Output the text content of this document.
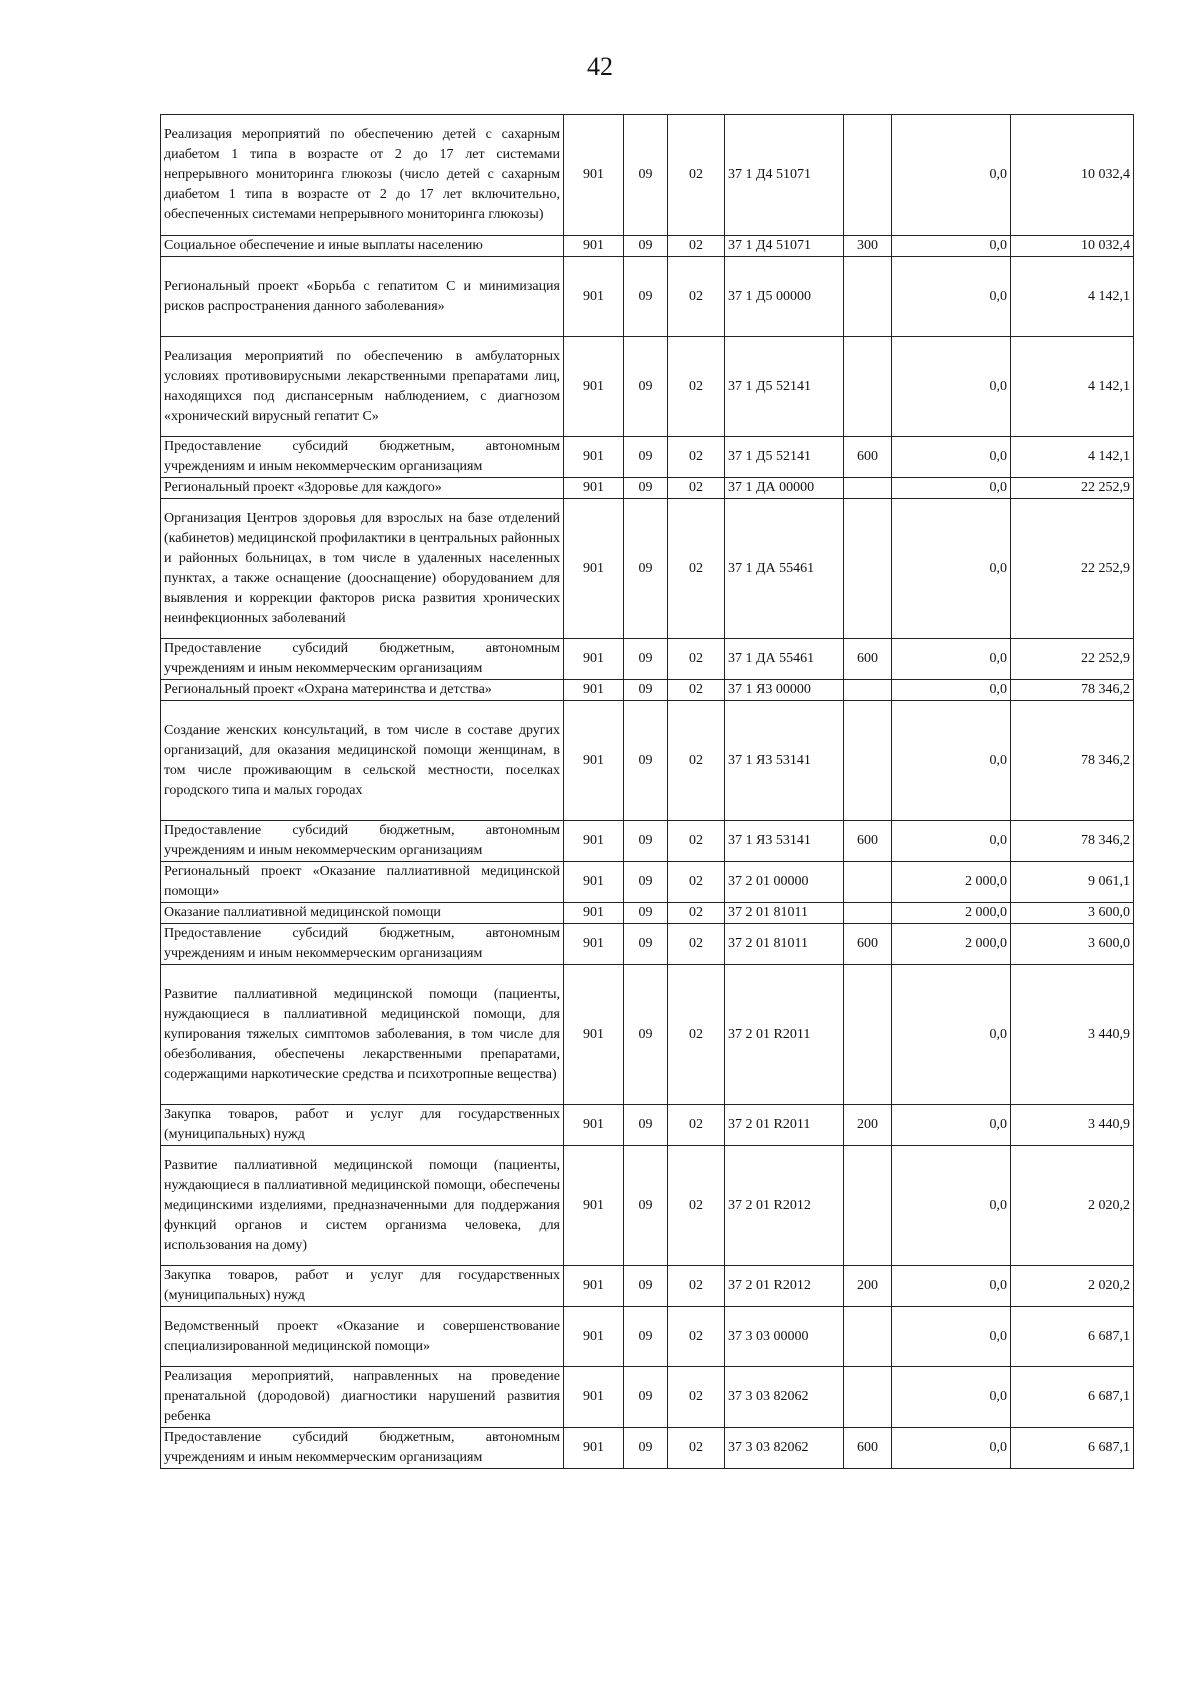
42
Реализация мероприятий по обеспечению детей с сахарным диабетом 1 типа в возрасте от 2 до 17 лет системами непрерывного мониторинга глюкозы (число детей с сахарным диабетом 1 типа в возрасте от 2 до 17 лет включительно, обеспеченных системами непрерывного мониторинга глюкозы)	901	09	02	37 1 Д4 51071		0,0	10 032,4
Социальное обеспечение и иные выплаты населению	901	09	02	37 1 Д4 51071	300	0,0	10 032,4
Региональный проект «Борьба с гепатитом С и минимизация рисков распространения данного заболевания»	901	09	02	37 1 Д5 00000		0,0	4 142,1
Реализация мероприятий по обеспечению в амбулаторных условиях противовирусными лекарственными препаратами лиц, находящихся под диспансерным наблюдением, с диагнозом «хронический вирусный гепатит С»	901	09	02	37 1 Д5 52141		0,0	4 142,1
Предоставление субсидий бюджетным, автономным учреждениям и иным некоммерческим организациям	901	09	02	37 1 Д5 52141	600	0,0	4 142,1
Региональный проект «Здоровье для каждого»	901	09	02	37 1 ДА 00000		0,0	22 252,9
Организация Центров здоровья для взрослых на базе отделений (кабинетов) медицинской профилактики в центральных районных и районных больницах, в том числе в удаленных населенных пунктах, а также оснащение (дооснащение) оборудованием для выявления и коррекции факторов риска развития хронических неинфекционных заболеваний	901	09	02	37 1 ДА 55461		0,0	22 252,9
Предоставление субсидий бюджетным, автономным учреждениям и иным некоммерческим организациям	901	09	02	37 1 ДА 55461	600	0,0	22 252,9
Региональный проект «Охрана материнства и детства»	901	09	02	37 1 Я3 00000		0,0	78 346,2
Создание женских консультаций, в том числе в составе других организаций, для оказания медицинской помощи женщинам, в том числе проживающим в сельской местности, поселках городского типа и малых городах	901	09	02	37 1 Я3 53141		0,0	78 346,2
Предоставление субсидий бюджетным, автономным учреждениям и иным некоммерческим организациям	901	09	02	37 1 Я3 53141	600	0,0	78 346,2
Региональный проект «Оказание паллиативной медицинской помощи»	901	09	02	37 2 01 00000		2 000,0	9 061,1
Оказание паллиативной медицинской помощи	901	09	02	37 2 01 81011		2 000,0	3 600,0
Предоставление субсидий бюджетным, автономным учреждениям и иным некоммерческим организациям	901	09	02	37 2 01 81011	600	2 000,0	3 600,0
Развитие паллиативной медицинской помощи (пациенты, нуждающиеся в паллиативной медицинской помощи, для купирования тяжелых симптомов заболевания, в том числе для обезболивания, обеспечены лекарственными препаратами, содержащими наркотические средства и психотропные вещества)	901	09	02	37 2 01 R2011		0,0	3 440,9
Закупка товаров, работ и услуг для государственных (муниципальных) нужд	901	09	02	37 2 01 R2011	200	0,0	3 440,9
Развитие паллиативной медицинской помощи (пациенты, нуждающиеся в паллиативной медицинской помощи, обеспечены медицинскими изделиями, предназначенными для поддержания функций органов и систем организма человека, для использования на дому)	901	09	02	37 2 01 R2012		0,0	2 020,2
Закупка товаров, работ и услуг для государственных (муниципальных) нужд	901	09	02	37 2 01 R2012	200	0,0	2 020,2
Ведомственный проект «Оказание и совершенствование специализированной медицинской помощи»	901	09	02	37 3 03 00000		0,0	6 687,1
Реализация мероприятий, направленных на проведение пренатальной (дородовой) диагностики нарушений развития ребенка	901	09	02	37 3 03 82062		0,0	6 687,1
Предоставление субсидий бюджетным, автономным учреждениям и иным некоммерческим организациям	901	09	02	37 3 03 82062	600	0,0	6 687,1
